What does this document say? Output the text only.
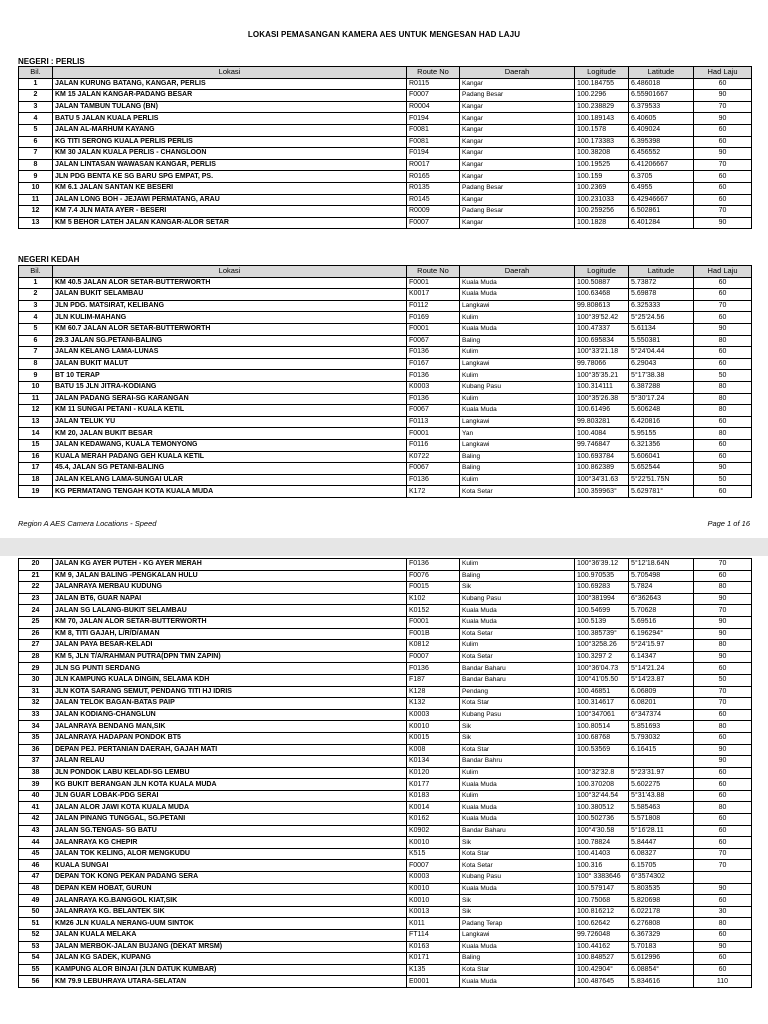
LOKASI PEMASANGAN KAMERA AES UNTUK MENGESAN HAD LAJU
NEGERI : PERLIS
Bil.	Lokasi	Route No	Daerah	Logitude	Latitude	Had Laju
1	JALAN KURUNG BATANG, KANGAR, PERLIS	R0115	Kangar	100.184755	6.486018	60
2	KM 15 JALAN KANGAR-PADANG BESAR	F0007	Padang Besar	100.2296	6.55901667	90
3	JALAN TAMBUN TULANG (BN)	R0004	Kangar	100.238829	6.379533	70
4	BATU 5 JALAN KUALA PERLIS	F0194	Kangar	100.189143	6.40605	90
5	JALAN AL-MARHUM KAYANG	F0081	Kangar	100.1578	6.409024	60
6	KG TITI SERONG KUALA PERLIS PERLIS	F0081	Kangar	100.173383	6.395398	60
7	KM 30 JALAN KUALA PERLIS - CHANGLOON	F0194	Kangar	100.38208	6.456552	90
8	JALAN LINTASAN WAWASAN KANGAR, PERLIS	R0017	Kangar	100.19525	6.41206667	70
9	JLN PDG BENTA KE SG BARU SPG EMPAT, PS.	R0165	Kangar	100.159	6.3705	60
10	KM 6.1 JALAN SANTAN KE BESERI	R0135	Padang Besar	100.2369	6.4955	60
11	JALAN LONG BOH - JEJAWI PERMATANG, ARAU	R0145	Kangar	100.231033	6.42946667	60
12	KM 7.4 JLN MATA AYER - BESERI	R0009	Padang Besar	100.259256	6.502861	70
13	KM 5 BEHOR LATEH JALAN KANGAR-ALOR SETAR	F0007	Kangar	100.1828	6.401284	90
NEGERI KEDAH
Bil.	Lokasi	Route No	Daerah	Logitude	Latitude	Had Laju
1	KM 40.5 JALAN ALOR SETAR-BUTTERWORTH	F0001	Kuala Muda	100.50887	5.73872	60
2	JALAN BUKIT SELAMBAU	K0017	Kuala Muda	100.63468	5.69878	60
3	JLN PDG. MATSIRAT, KELIBANG	F0112	Langkawi	99.808613	6.325333	70
4	JLN KULIM-MAHANG	F0169	Kulim	100°39'52.42	5°25'24.56	60
5	KM 60.7 JALAN ALOR SETAR-BUTTERWORTH	F0001	Kuala Muda	100.47337	5.61134	90
6	29.3 JALAN SG.PETANI-BALING	F0067	Baling	100.695834	5.550381	80
7	JALAN KELANG LAMA-LUNAS	F0136	Kulim	100°33'21.18	5°24'04.44	60
8	JALAN BUKIT MALUT	F0167	Langkawi	99.78066	6.29043	60
9	BT 10 TERAP	F0136	Kulim	100°35'35.21	5°17'38.38	50
10	BATU 15 JLN JITRA-KODIANG	K0003	Kubang Pasu	100.314111	6.387288	80
11	JALAN PADANG SERAI-SG KARANGAN	F0136	Kulim	100°35'26.38	5°30'17.24	80
12	KM 11 SUNGAI PETANI - KUALA KETIL	F0067	Kuala Muda	100.61496	5.606248	80
13	JALAN TELUK YU	F0113	Langkawi	99.803281	6.420816	60
14	KM 20, JALAN BUKIT BESAR	F0001	Yan	100.4084	5.95155	80
15	JALAN KEDAWANG, KUALA TEMONYONG	F0116	Langkawi	99.746847	6.321356	60
16	KUALA MERAH PADANG GEH KUALA KETIL	K0722	Baling	100.693784	5.606041	60
17	45.4, JALAN SG PETANI-BALING	F0067	Baling	100.862389	5.652544	90
18	JALAN KELANG LAMA-SUNGAI ULAR	F0136	Kulim	100°34'31.63	5°22'51.75N	50
19	KG PERMATANG TENGAH KOTA KUALA MUDA	K172	Kota Setar	100.359963°	5.629781°	60
Region A AES Camera Locations - Speed	Page 1 of 16
20	JALAN KG AYER PUTEH - KG AYER MERAH	F0136	Kulim	100°36'39.12	5°12'18.64N	70
21	KM 9, JALAN BALING -PENGKALAN HULU	F0076	Baling	100.970535	5.705498	60
22	JALANRAYA MERBAU KUDUNG	F0015	Sik	100.69283	5.7824	80
23	JALAN BT6, GUAR NAPAI	K102	Kubang Pasu	100°381994	6°362643	90
24	JALAN SG LALANG-BUKIT SELAMBAU	K0152	Kuala Muda	100.54699	5.70628	70
25	KM 70, JALAN ALOR SETAR-BUTTERWORTH	F0001	Kuala Muda	100.5139	5.69516	90
26	KM 8, TITI GAJAH, L/R/D/AMAN	F001B	Kota Setar	100.385739°	6.196294°	90
27	JALAN PAYA BESAR-KELADI	K0812	Kulim	100°3258.26	5°24'15.97	80
28	KM 5, JLN T/A/RAHMAN PUTRA(DPN TMN ZAPIN)	F0007	Kota Setar	100.3297 2	6.14347	90
29	JLN SG PUNTI SERDANG	F0136	Bandar Baharu	100°36'04.73	5°14'21.24	60
30	JLN KAMPUNG KUALA DINGIN, SELAMA KDH	F187	Bandar Baharu	100°41'05.50	5°14'23.87	50
31	JLN KOTA SARANG SEMUT, PENDANG TITI HJ IDRIS	K128	Pendang	100.46851	6.06809	70
32	JALAN TELOK BAGAN-BATAS PAIP	K132	Kota Star	100.314617	6.08201	70
33	JALAN KODIANG-CHANGLUN	K0003	Kubang Pasu	100°347061	6°347374	60
34	JALANRAYA BENDANG MAN,SIK	K0010	Sik	100.80514	5.851693	80
35	JALANRAYA HADAPAN PONDOK BT5	K0015	Sik	100.68768	5.793032	60
36	DEPAN PEJ. PERTANIAN DAERAH, GAJAH MATI	K008	Kota Star	100.53569	6.16415	90
37	JALAN RELAU	K0134	Bandar Bahru			90
38	JLN PONDOK LABU KELADI-SG LEMBU	K0120	Kulim	100°32'32.8	5°23'31.97	60
39	KG BUKIT BERANGAN JLN KOTA KUALA MUDA	K0177	Kuala Muda	100.370208	5.602275	60
40	JLN GUAR LOBAK-PDG SERAI	K0183	Kulim	100°32'44.54	5°31'43.88	60
41	JALAN ALOR JAWI KOTA KUALA MUDA	K0014	Kuala Muda	100.380512	5.585463	80
42	JALAN PINANG TUNGGAL, SG.PETANI	K0162	Kuala Muda	100.502736	5.571808	60
43	JALAN SG.TENGAS- SG BATU	K0902	Bandar Baharu	100°4'30.58	5°16'28.11	60
44	JALANRAYA KG CHEPIR	K0010	Sik	100.78824	5.84447	60
45	JALAN TOK KELING, ALOR MENGKUDU	K515	Kota Star	100.41403	6.08327	70
46	KUALA SUNGAI	F0007	Kota Setar	100.316	6.15705	70
47	DEPAN TOK KONG PEKAN PADANG SERA	K0003	Kubang Pasu	100° 3383646	6°3574302	
48	DEPAN KEM HOBAT, GURUN	K0010	Kuala Muda	100.579147	5.803535	90
49	JALANRAYA KG.BANGGOL KIAT,SIK	K0010	Sik	100.75068	5.820698	60
50	JALANRAYA KG. BELANTEK SIK	K0013	Sik	100.816212	6.022178	30
51	KM26 JLN KUALA NERANG-UUM SINTOK	K011	Padang Terap	100.62642	6.276808	80
52	JALAN KUALA MELAKA	FT114	Langkawi	99.726048	6.367329	60
53	JALAN MERBOK-JALAN BUJANG (DEKAT MRSM)	K0163	Kuala Muda	100.44162	5.70183	90
54	JALAN KG SADEK, KUPANG	K0171	Baling	100.848527	5.612996	60
55	KAMPUNG ALOR BINJAI (JLN DATUK KUMBAR)	K135	Kota Star	100.42904°	6.08854°	60
56	KM 79.9 LEBUHRAYA UTARA-SELATAN	E0001	Kuala Muda	100.487645	5.834616	110
